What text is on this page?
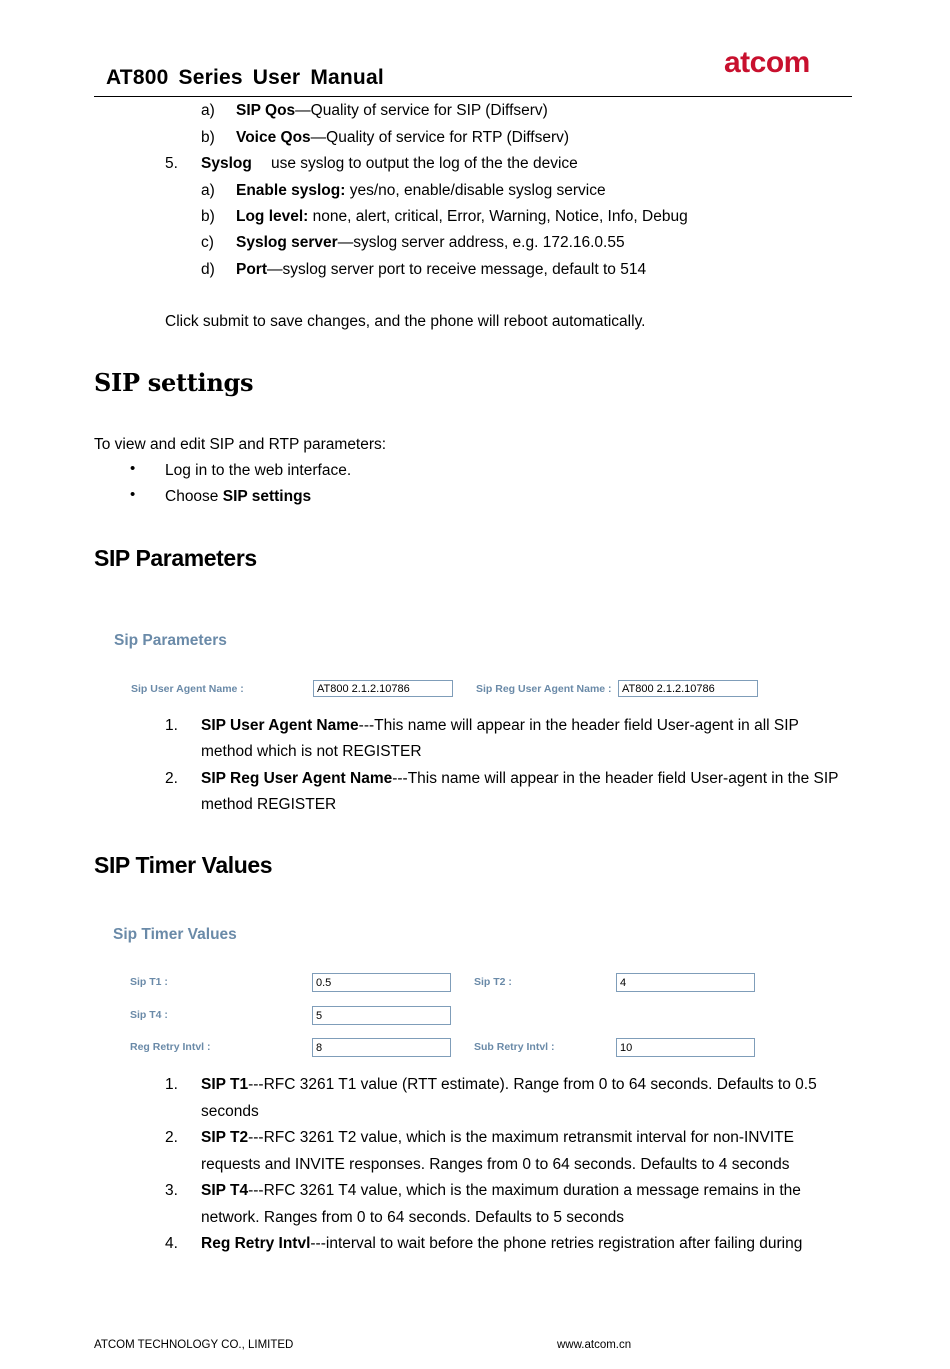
AT800 Series User Manual	atcom
a) SIP Qos—Quality of service for SIP (Diffserv)
b) Voice Qos—Quality of service for RTP (Diffserv)
5. Syslog use syslog to output the log of the the device
a) Enable syslog: yes/no, enable/disable syslog service
b) Log level: none, alert, critical, Error, Warning, Notice, Info, Debug
c) Syslog server—syslog server address, e.g. 172.16.0.55
d) Port—syslog server port to receive message, default to 514
Click submit to save changes, and the phone will reboot automatically.
SIP settings
To view and edit SIP and RTP parameters:
• Log in to the web interface.
• Choose SIP settings
SIP Parameters
Sip Parameters
Sip User Agent Name :	AT800 2.1.2.10786	Sip Reg User Agent Name : AT800 2.1.2.10786
1. SIP User Agent Name---This name will appear in the header field User-agent in all SIP
method which is not REGISTER
2. SIP Reg User Agent Name---This name will appear in the header field User-agent in the SIP
method REGISTER
SIP Timer Values
Sip Timer Values
Sip T1 :	0.5	Sip T2 :	4
Sip T4 :	5
Reg Retry Intvl :	8	Sub Retry Intvl :	10
1. SIP T1---RFC 3261 T1 value (RTT estimate). Range from 0 to 64 seconds. Defaults to 0.5
seconds
2. SIP T2---RFC 3261 T2 value, which is the maximum retransmit interval for non-INVITE
requests and INVITE responses. Ranges from 0 to 64 seconds. Defaults to 4 seconds
3. SIP T4---RFC 3261 T4 value, which is the maximum duration a message remains in the
network. Ranges from 0 to 64 seconds. Defaults to 5 seconds
4. Reg Retry Intvl---interval to wait before the phone retries registration after failing during
ATCOM TECHNOLOGY CO., LIMITED	www.atcom.cn
